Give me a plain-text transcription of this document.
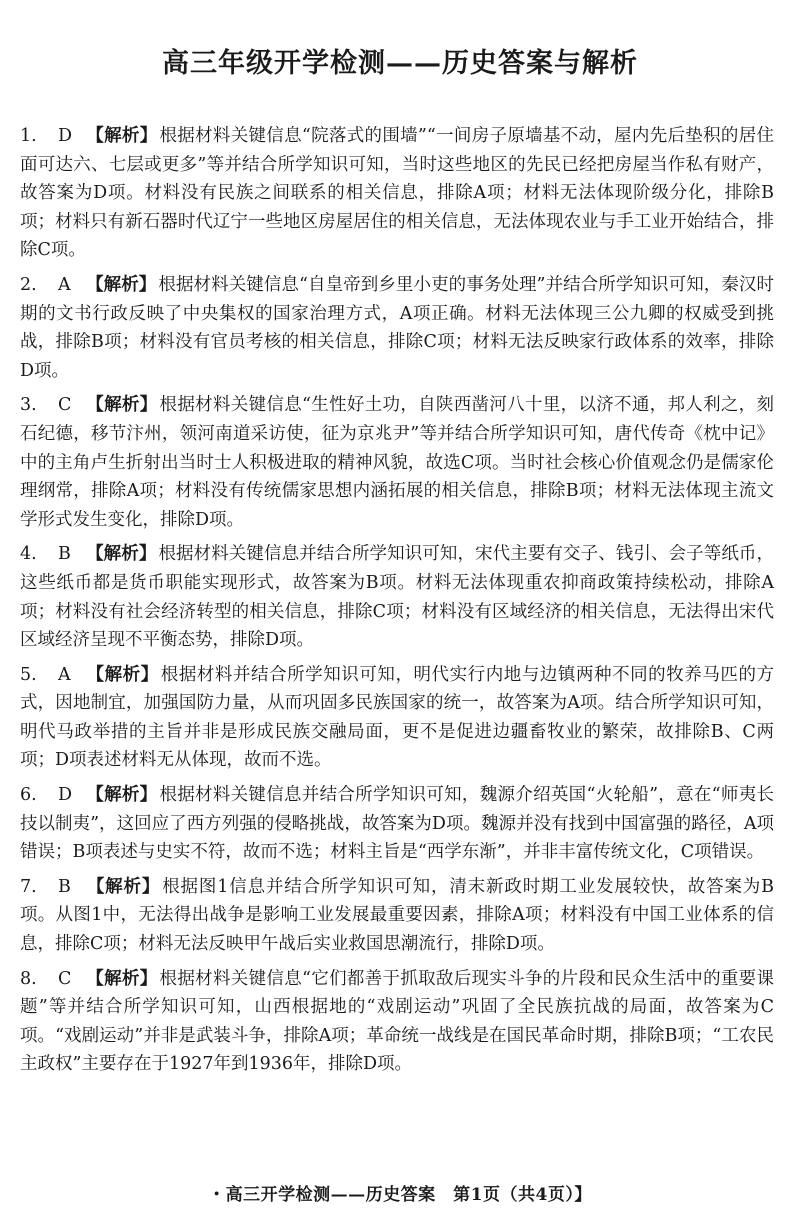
高三年级开学检测——历史答案与解析
1. D 【解析】 根据材料关键信息“院落式的围墙”“一间房子原墙基不动，屋内先后垫积的居住面可达六、七层或更多”等并结合所学知识可知，当时这些地区的先民已经把房屋当作私有财产，故答案为D项。材料没有民族之间联系的相关信息，排除A项；材料无法体现阶级分化，排除B项；材料只有新石器时代辽宁一些地区房屋居住的相关信息，无法体现农业与手工业开始结合，排除C项。
2. A 【解析】 根据材料关键信息“自皇帝到乡里小吏的事务处理”并结合所学知识可知，秦汉时期的文书行政反映了中央集权的国家治理方式，A项正确。材料无法体现三公九卿的权威受到挑战，排除B项；材料没有官员考核的相关信息，排除C项；材料无法反映家行政体系的效率，排除D项。
3. C 【解析】 根据材料关键信息“生性好土功，自陕西凿河八十里，以济不通，邦人利之，刻石纪德，移节汴州，领河南道采访使，征为京兆尹”等并结合所学知识可知，唐代传奇《枕中记》中的主角卢生折射出当时士人积极进取的精神风貌，故选C项。当时社会核心价值观念仍是儒家伦理纲常，排除A项；材料没有传统儒家思想内涵拓展的相关信息，排除B项；材料无法体现主流文学形式发生变化，排除D项。
4. B 【解析】 根据材料关键信息并结合所学知识可知，宋代主要有交子、钱引、会子等纸币，这些纸币都是货币职能实现形式，故答案为B项。材料无法体现重农抑商政策持续松动，排除A项；材料没有社会经济转型的相关信息，排除C项；材料没有区域经济的相关信息，无法得出宋代区域经济呈现不平衡态势，排除D项。
5. A 【解析】 根据材料并结合所学知识可知，明代实行内地与边镇两种不同的牧养马匹的方式，因地制宜，加强国防力量，从而巩固多民族国家的统一，故答案为A项。结合所学知识可知，明代马政举措的主旨并非是形成民族交融局面，更不是促进边疆畜牧业的繁荣，故排除B、C两项；D项表述材料无从体现，故而不选。
6. D 【解析】 根据材料关键信息并结合所学知识可知，魏源介绍英国“火轮船”，意在“师夷长技以制夷”，这回应了西方列强的侵略挑战，故答案为D项。魏源并没有找到中国富强的路径，A项错误；B项表述与史实不符，故而不选；材料主旨是“西学东渐”，并非丰富传统文化，C项错误。
7. B 【解析】 根据图1信息并结合所学知识可知，清末新政时期工业发展较快，故答案为B项。从图1中，无法得出战争是影响工业发展最重要因素，排除A项；材料没有中国工业体系的信息，排除C项；材料无法反映甲午战后实业救国思潮流行，排除D项。
8. C 【解析】 根据材料关键信息“它们都善于抓取敌后现实斗争的片段和民众生活中的重要课题”等并结合所学知识可知，山西根据地的“戏剧运动”巩固了全民族抗战的局面，故答案为C项。“戏剧运动”并非是武装斗争，排除A项；革命统一战线是在国民革命时期，排除B项；“工农民主政权”主要存在于1927年到1936年，排除D项。
・高三开学检测——历史答案　第1页（共4页）】
